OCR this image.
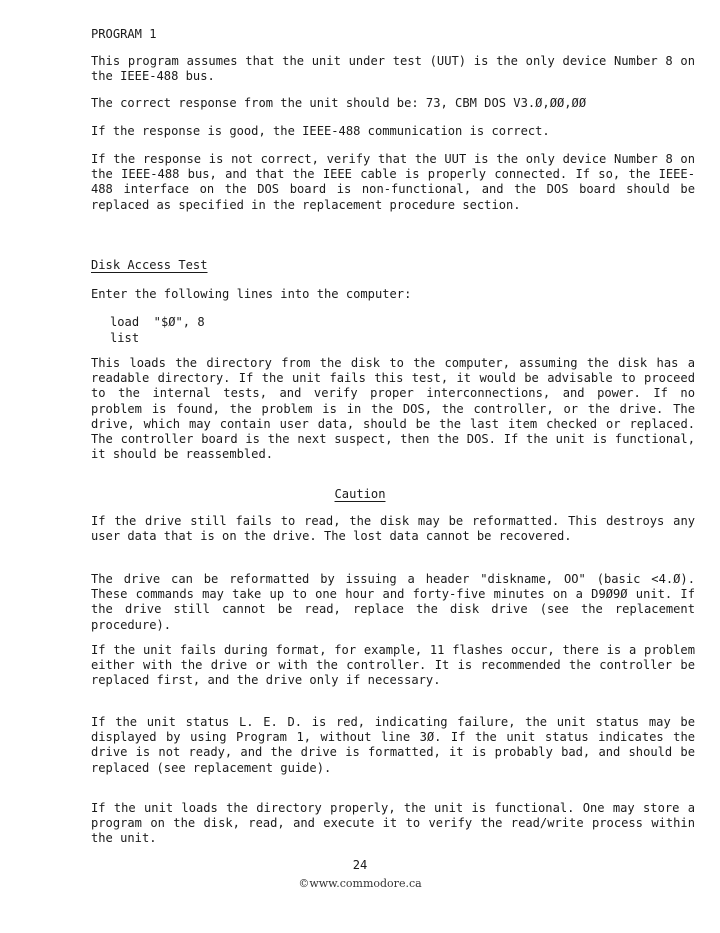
PROGRAM 1

This program assumes that the unit under test (UUT) is the only device Number 8 on the IEEE-488 bus.

The correct response from the unit should be: 73, CBM DOS V3.Ø,ØØ,ØØ

If the response is good, the IEEE-488 communication is correct.

If the response is not correct, verify that the UUT is the only device Number 8 on the IEEE-488 bus, and that the IEEE cable is properly connected. If so, the IEEE-488 interface on the DOS board is non-functional, and the DOS board should be replaced as specified in the replacement procedure section.

Disk Access Test

Enter the following lines into the computer:

load  "$Ø", 8
list

This loads the directory from the disk to the computer, assuming the disk has a readable directory. If the unit fails this test, it would be advisable to proceed to the internal tests, and verify proper interconnections, and power. If no problem is found, the problem is in the DOS, the controller, or the drive. The drive, which may contain user data, should be the last item checked or replaced. The controller board is the next suspect, then the DOS. If the unit is functional, it should be reassembled.

Caution

If the drive still fails to read, the disk may be reformatted. This destroys any user data that is on the drive. The lost data cannot be recovered.

The drive can be reformatted by issuing a header "diskname, OO" (basic <4.Ø). These commands may take up to one hour and forty-five minutes on a D9Ø9Ø unit. If the drive still cannot be read, replace the disk drive (see the replacement procedure).

If the unit fails during format, for example, 11 flashes occur, there is a problem either with the drive or with the controller. It is recommended the controller be replaced first, and the drive only if necessary.

If the unit status L. E. D. is red, indicating failure, the unit status may be displayed by using Program 1, without line 3Ø. If the unit status indicates the drive is not ready, and the drive is formatted, it is probably bad, and should be replaced (see replacement guide).

If the unit loads the directory properly, the unit is functional. One may store a program on the disk, read, and execute it to verify the read/write process within the unit.

24
©www.commodore.ca
